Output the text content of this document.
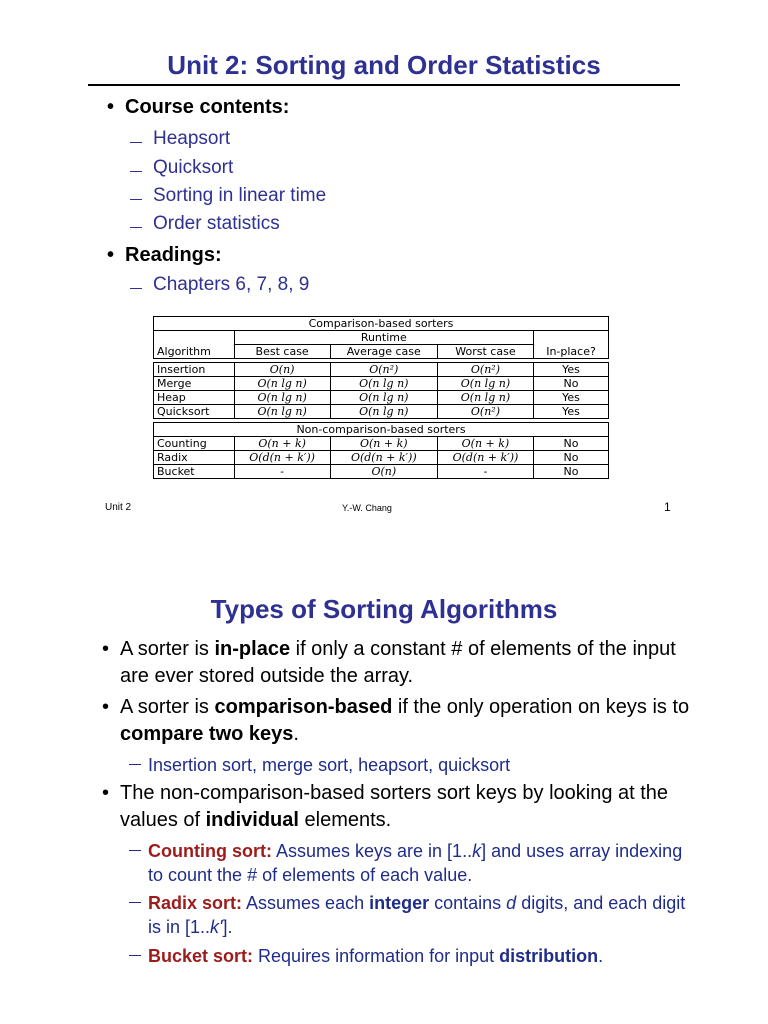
Unit 2: Sorting and Order Statistics
• Course contents:
Heapsort
Quicksort
Sorting in linear time
Order statistics
• Readings:
Chapters 6, 7, 8, 9
Comparison-based sorters				
	Runtime			
Algorithm	Best case	Average case	Worst case	In-place?

Insertion	O(n)	O(n²)	O(n²)	Yes
Merge	O(n lg n)	O(n lg n)	O(n lg n)	No
Heap	O(n lg n)	O(n lg n)	O(n lg n)	Yes
Quicksort	O(n lg n)	O(n lg n)	O(n²)	Yes

Non-comparison-based sorters				
Counting	O(n + k)	O(n + k)	O(n + k)	No
Radix	O(d(n + k′))	O(d(n + k′))	O(d(n + k′))	No
Bucket	-	O(n)	-	No
Unit 2	Y.-W. Chang	1
Types of Sorting Algorithms
• A sorter is in-place if only a constant # of elements of the input are ever stored outside the array.
• A sorter is comparison-based if the only operation on keys is to compare two keys.
Insertion sort, merge sort, heapsort, quicksort
• The non-comparison-based sorters sort keys by looking at the values of individual elements.
Counting sort: Assumes keys are in [1..k] and uses array indexing to count the # of elements of each value.
Radix sort: Assumes each integer contains d digits, and each digit is in [1..k'].
Bucket sort: Requires information for input distribution.
